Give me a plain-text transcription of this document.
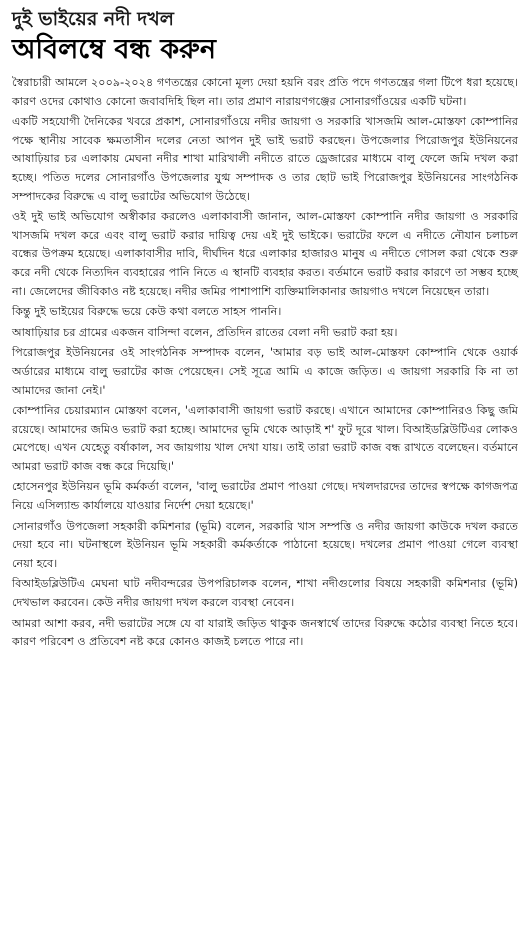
দুই ভাইয়ের নদী দখল
অবিলম্বে বন্ধ করুন

স্বৈরাচারী আমলে ২০০৯-২০২৪ গণতন্ত্রের কোনো মূল্য দেয়া হয়নি বরং প্রতি পদে গণতন্ত্রের গলা টিপে ধরা হয়েছে। কারণ ওদের কোথাও কোনো জবাবদিহি ছিল না। তার প্রমাণ নারায়ণগঞ্জের সোনারগাঁওয়ের একটি ঘটনা।

একটি সহযোগী দৈনিকের খবরে প্রকাশ, সোনারগাঁওয়ে নদীর জায়গা ও সরকারি খাসজমি আল-মোস্তফা কোম্পানির পক্ষে স্থানীয় সাবেক ক্ষমতাসীন দলের নেতা আপন দুই ভাই ভরাট করছেন। উপজেলার পিরোজপুর ইউনিয়নের আষাঢ়িয়ার চর এলাকায় মেঘনা নদীর শাখা মারিখালী নদীতে রাতে ড্রেজারের মাধ্যমে বালু ফেলে জমি দখল করা হচ্ছে। পতিত দলের সোনারগাঁও উপজেলার যুগ্ম সম্পাদক ও তার ছোট ভাই পিরোজপুর ইউনিয়নের সাংগঠনিক সম্পাদকের বিরুদ্ধে এ বালু ভরাটের অভিযোগ উঠেছে।

ওই দুই ভাই অভিযোগ অস্বীকার করলেও এলাকাবাসী জানান, আল-মোস্তফা কোম্পানি নদীর জায়গা ও সরকারি খাসজমি দখল করে এবং বালু ভরাট করার দায়িত্ব দেয় এই দুই ভাইকে। ভরাটের ফলে এ নদীতে নৌযান চলাচল বন্ধের উপক্রম হয়েছে। এলাকাবাসীর দাবি, দীর্ঘদিন ধরে এলাকার হাজারও মানুষ এ নদীতে গোসল করা থেকে শুরু করে নদী থেকে নিত্যদিন ব্যবহারের পানি নিতে এ স্থানটি ব্যবহার করত। বর্তমানে ভরাট করার কারণে তা সম্ভব হচ্ছে না। জেলেদের জীবিকাও নষ্ট হয়েছে। নদীর জমির পাশাপাশি ব্যক্তিমালিকানার জায়গাও দখলে নিয়েছেন তারা।

কিন্তু দুই ভাইয়ের বিরুদ্ধে ভয়ে কেউ কথা বলতে সাহস পাননি।

আষাঢ়িয়ার চর গ্রামের একজন বাসিন্দা বলেন, প্রতিদিন রাতের বেলা নদী ভরাট করা হয়।

পিরোজপুর ইউনিয়নের ওই সাংগঠনিক সম্পাদক বলেন, 'আমার বড় ভাই আল-মোস্তফা কোম্পানি থেকে ওয়ার্ক অর্ডারের মাধ্যমে বালু ভরাটের কাজ পেয়েছেন। সেই সূত্রে আমি এ কাজে জড়িত। এ জায়গা সরকারি কি না তা আমাদের জানা নেই।'

কোম্পানির চেয়ারম্যান মোস্তফা বলেন, 'এলাকাবাসী জায়গা ভরাট করছে। এখানে আমাদের কোম্পানিরও কিছু জমি রয়েছে। আমাদের জমিও ভরাট করা হচ্ছে। আমাদের ভূমি থেকে আড়াই শ' ফুট দূরে খাল। বিআইডব্লিউটিএর লোকও মেপেছে। এখন যেহেতু বর্ষাকাল, সব জায়গায় খাল দেখা যায়। তাই তারা ভরাট কাজ বন্ধ রাখতে বলেছেন। বর্তমানে আমরা ভরাট কাজ বন্ধ করে দিয়েছি।'

হোসেনপুর ইউনিয়ন ভূমি কর্মকর্তা বলেন, 'বালু ভরাটের প্রমাণ পাওয়া গেছে। দখলদারদের তাদের স্বপক্ষে কাগজপত্র নিয়ে এসিল্যান্ড কার্যালয়ে যাওয়ার নির্দেশ দেয়া হয়েছে।'

সোনারগাঁও উপজেলা সহকারী কমিশনার (ভূমি) বলেন, সরকারি খাস সম্পত্তি ও নদীর জায়গা কাউকে দখল করতে দেয়া হবে না। ঘটনাস্থলে ইউনিয়ন ভূমি সহকারী কর্মকর্তাকে পাঠানো হয়েছে। দখলের প্রমাণ পাওয়া গেলে ব্যবস্থা নেয়া হবে।

বিআইডব্লিউটিএ মেঘনা ঘাট নদীবন্দরের উপপরিচালক বলেন, শাখা নদীগুলোর বিষয়ে সহকারী কমিশনার (ভূমি) দেখভাল করবেন। কেউ নদীর জায়গা দখল করলে ব্যবস্থা নেবেন।

আমরা আশা করব, নদী ভরাটের সঙ্গে যে বা যারাই জড়িত থাকুক জনস্বার্থে তাদের বিরুদ্ধে কঠোর ব্যবস্থা নিতে হবে। কারণ পরিবেশ ও প্রতিবেশ নষ্ট করে কোনও কাজই চলতে পারে না।
